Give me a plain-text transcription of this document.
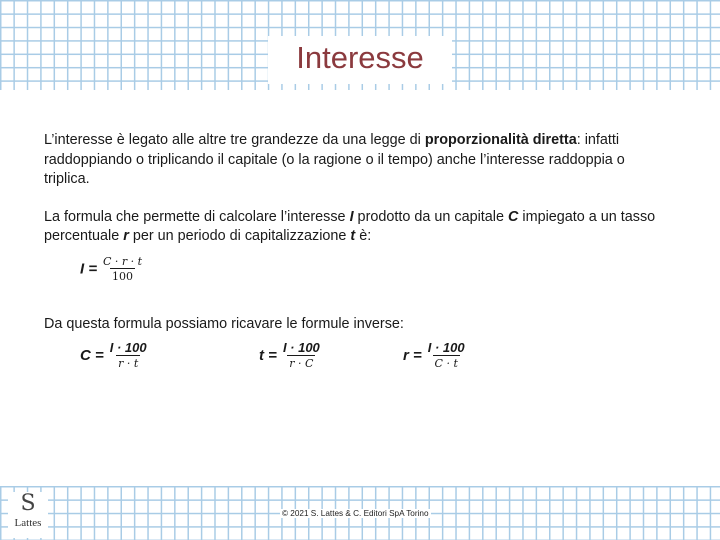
Interesse

L’interesse è legato alle altre tre grandezze da una legge di proporzionalità diretta: infatti raddoppiando o triplicando il capitale (o la ragione o il tempo) anche l’interesse raddoppia o triplica.

La formula che permette di calcolare l’interesse I prodotto da un capitale C impiegato a un tasso percentuale r per un periodo di capitalizzazione t è:

$I = \frac{C \cdot r \cdot t}{100}$

Da questa formula possiamo ricavare le formule inverse:

$C = \frac{I \cdot 100}{r \cdot t}$	$t = \frac{I \cdot 100}{r \cdot C}$	$r = \frac{I \cdot 100}{C \cdot t}$
S
Lattes
© 2021 S. Lattes & C. Editori SpA Torino
